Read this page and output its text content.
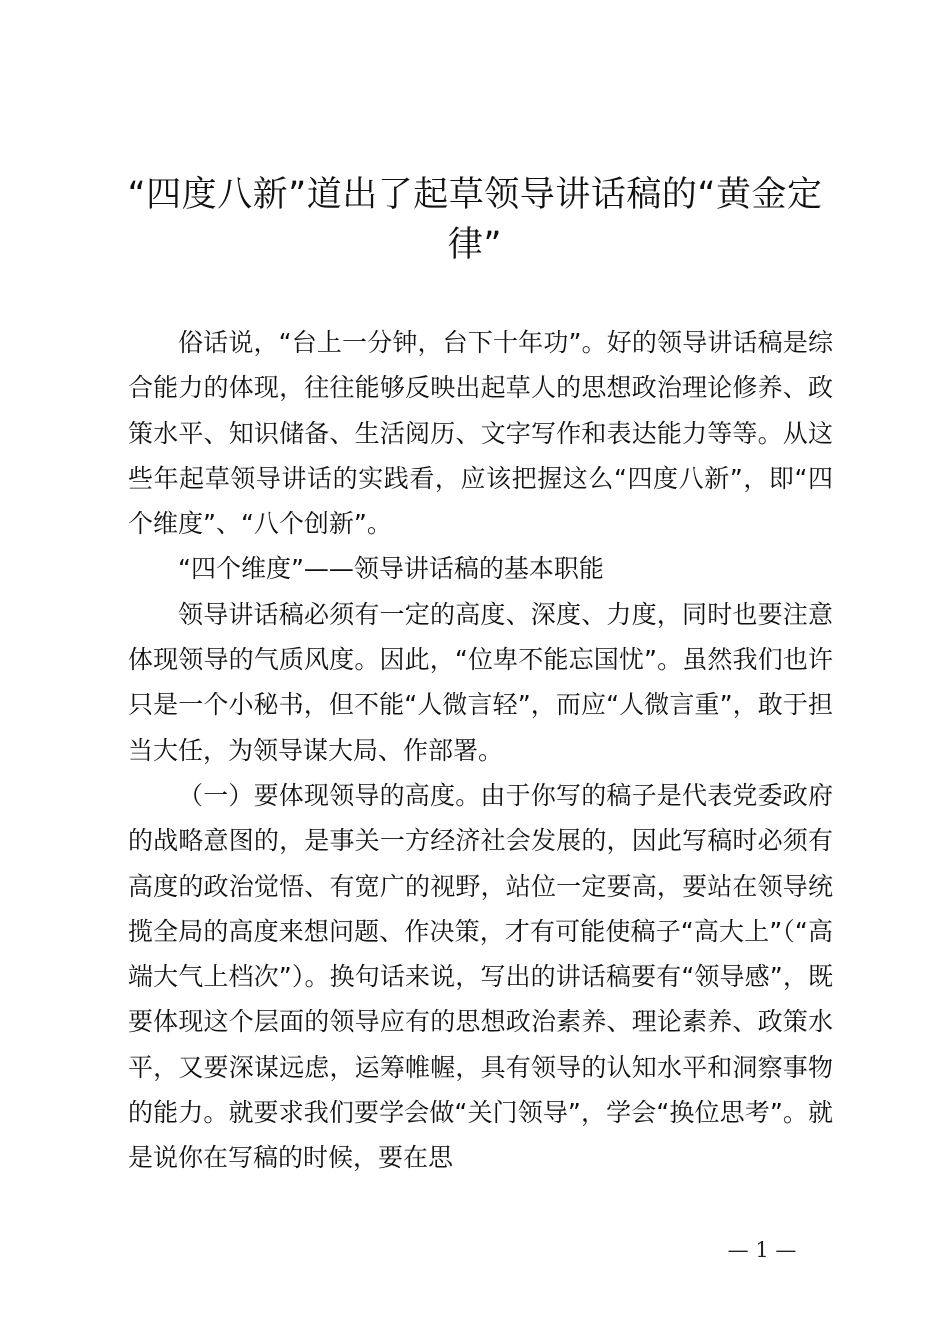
“四度八新”道出了起草领导讲话稿的“黄金定律”

俗话说，“台上一分钟，台下十年功”。好的领导讲话稿是综合能力的体现，往往能够反映出起草人的思想政治理论修养、政策水平、知识储备、生活阅历、文字写作和表达能力等等。从这些年起草领导讲话的实践看，应该把握这么“四度八新”，即“四个维度”、“八个创新”。

“四个维度”——领导讲话稿的基本职能

领导讲话稿必须有一定的高度、深度、力度，同时也要注意体现领导的气质风度。因此，“位卑不能忘国忧”。虽然我们也许只是一个小秘书，但不能“人微言轻”，而应“人微言重”，敢于担当大任，为领导谋大局、作部署。

（一）要体现领导的高度。由于你写的稿子是代表党委政府的战略意图的，是事关一方经济社会发展的，因此写稿时必须有高度的政治觉悟、有宽广的视野，站位一定要高，要站在领导统揽全局的高度来想问题、作决策，才有可能使稿子“高大上”（“高端大气上档次”）。换句话来说，写出的讲话稿要有“领导感”，既要体现这个层面的领导应有的思想政治素养、理论素养、政策水平，又要深谋远虑，运筹帷幄，具有领导的认知水平和洞察事物的能力。就要求我们要学会做“关门领导”，学会“换位思考”。就是说你在写稿的时候，要在思

— 1 —
